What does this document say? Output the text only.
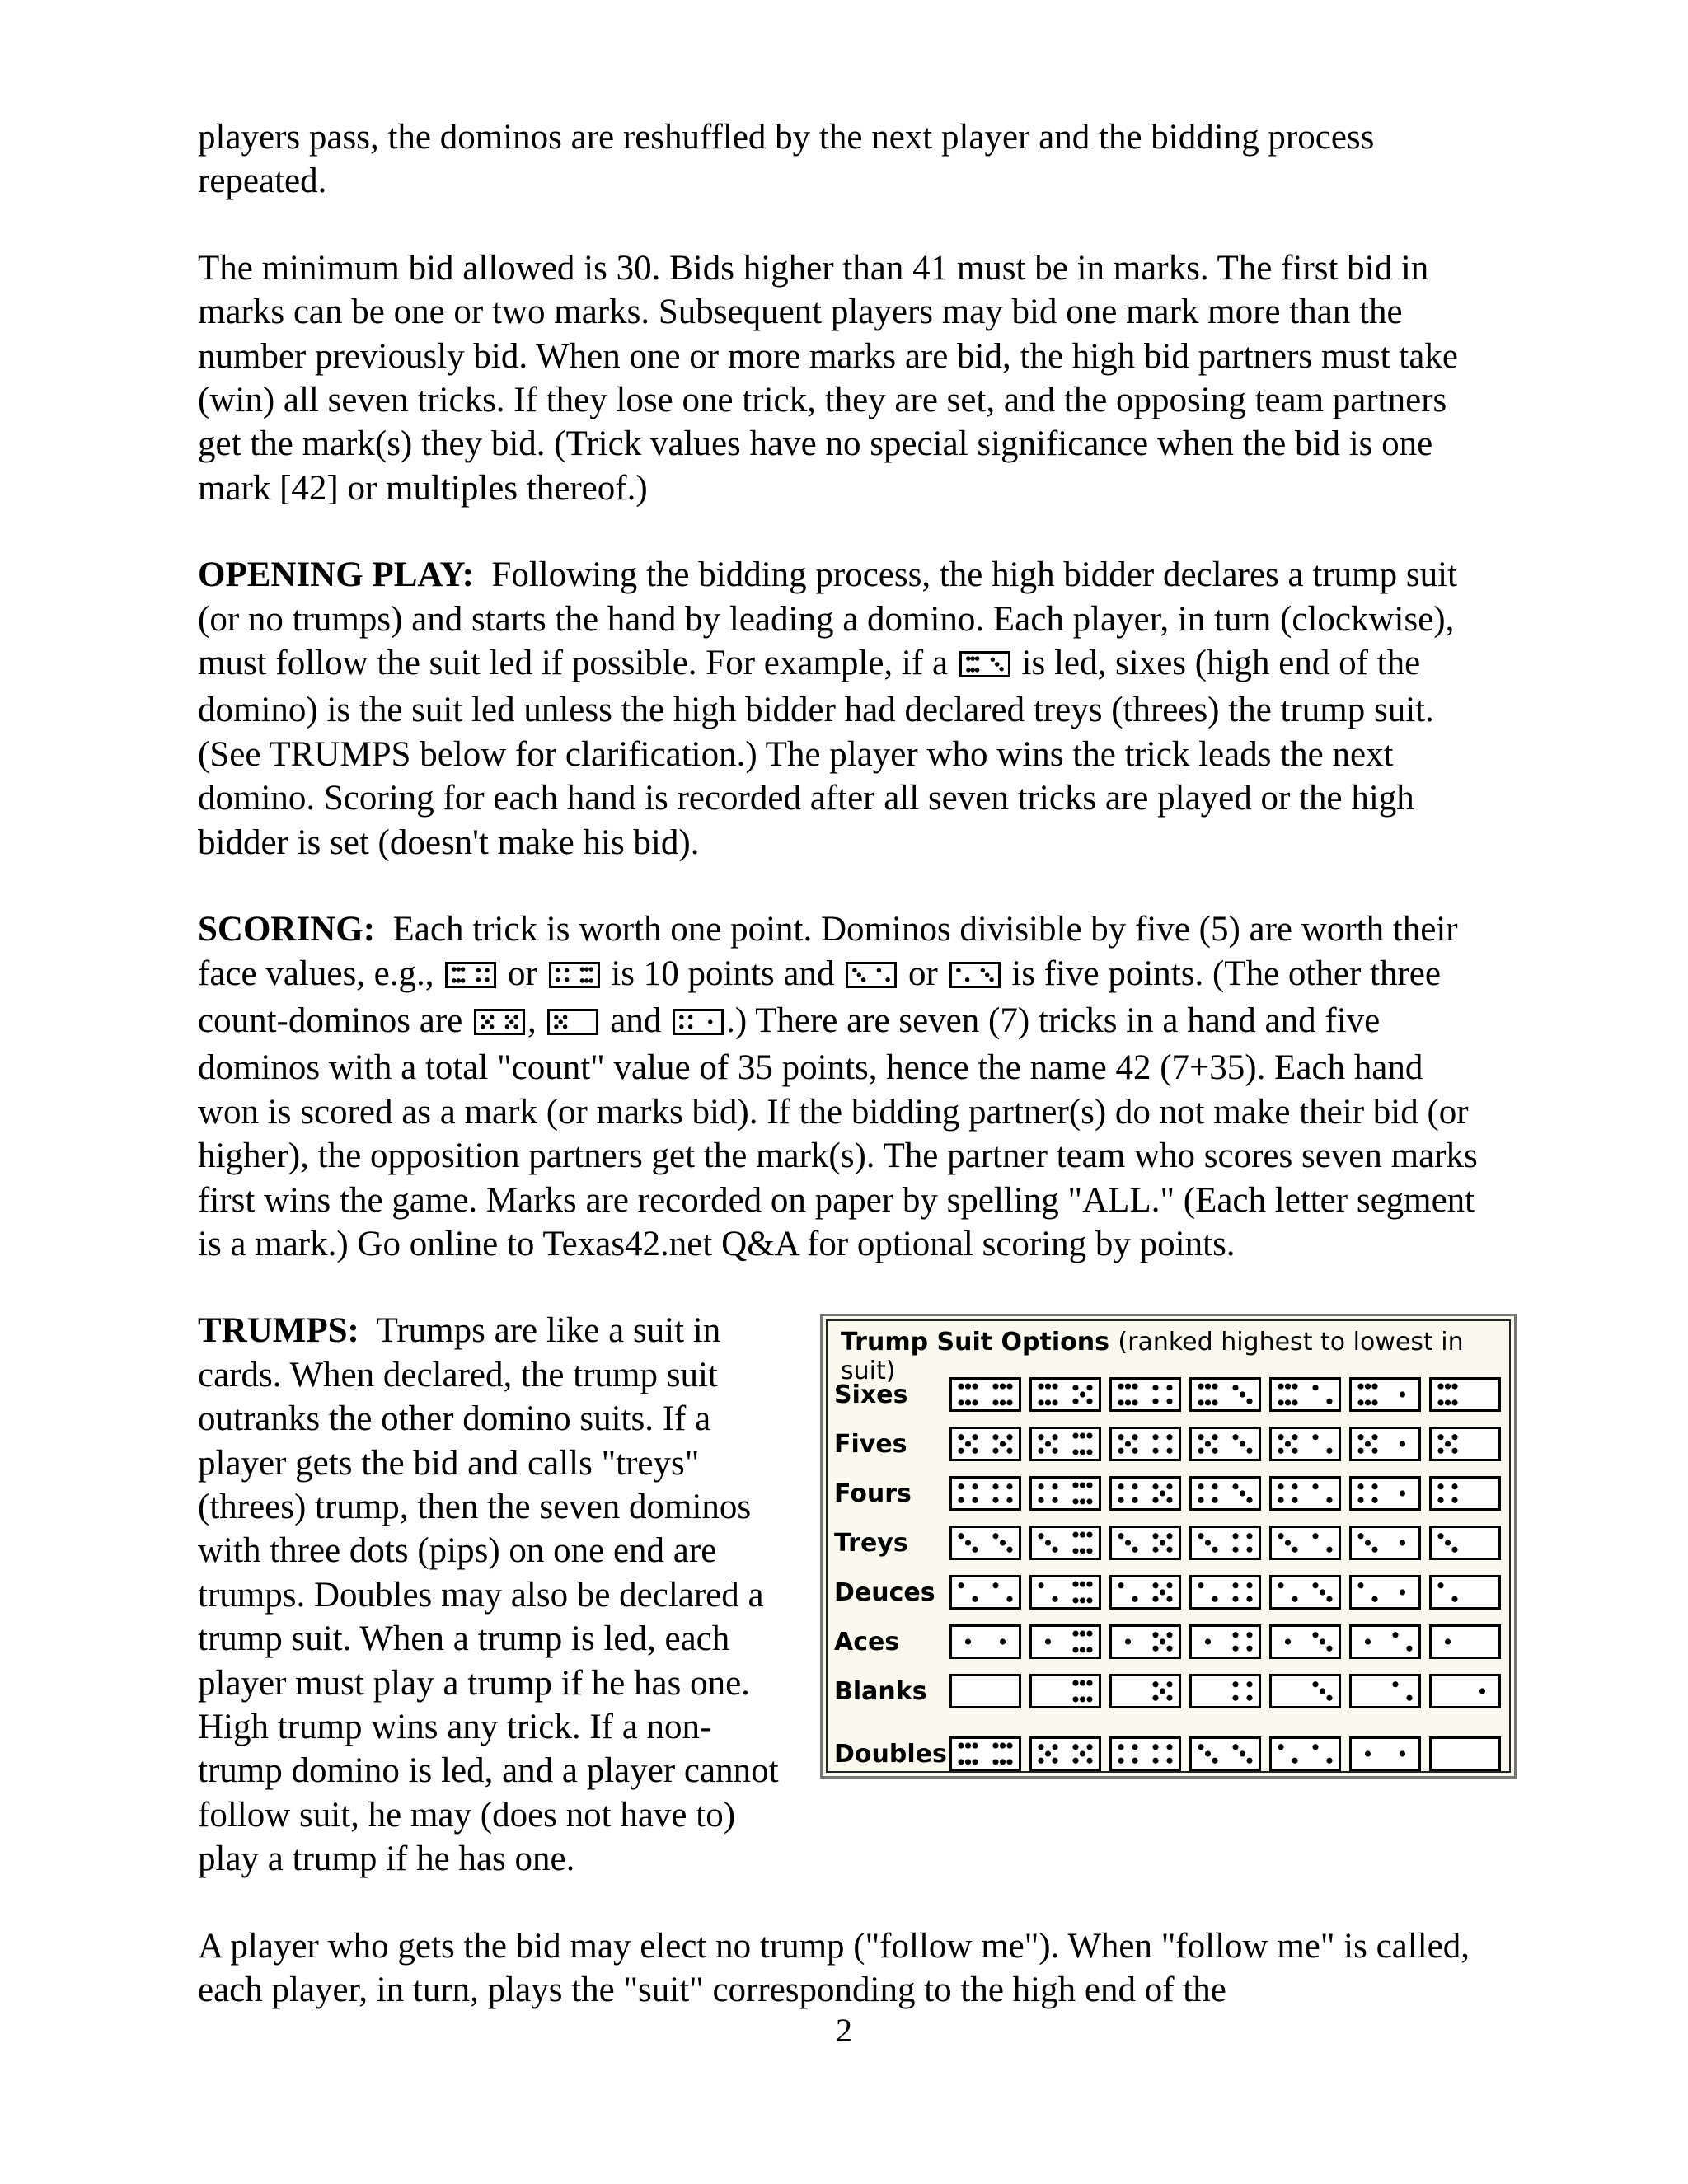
players pass, the dominos are reshuffled by the next player and the bidding process repeated.

The minimum bid allowed is 30. Bids higher than 41 must be in marks. The first bid in marks can be one or two marks. Subsequent players may bid one mark more than the number previously bid. When one or more marks are bid, the high bid partners must take (win) all seven tricks. If they lose one trick, they are set, and the opposing team partners get the mark(s) they bid. (Trick values have no special significance when the bid is one mark [42] or multiples thereof.)

OPENING PLAY: Following the bidding process, the high bidder declares a trump suit (or no trumps) and starts the hand by leading a domino. Each player, in turn (clockwise), must follow the suit led if possible. For example, if a is led, sixes (high end of the domino) is the suit led unless the high bidder had declared treys (threes) the trump suit. (See TRUMPS below for clarification.) The player who wins the trick leads the next domino. Scoring for each hand is recorded after all seven tricks are played or the high bidder is set (doesn't make his bid).

SCORING: Each trick is worth one point. Dominos divisible by five (5) are worth their face values, e.g., or is 10 points and or is five points. (The other three count-dominos are , and .) There are seven (7) tricks in a hand and five dominos with a total "count" value of 35 points, hence the name 42 (7+35). Each hand won is scored as a mark (or marks bid). If the bidding partner(s) do not make their bid (or higher), the opposition partners get the mark(s). The partner team who scores seven marks first wins the game. Marks are recorded on paper by spelling "ALL." (Each letter segment is a mark.) Go online to Texas42.net Q&A for optional scoring by points.

TRUMPS: Trumps are like a suit in cards. When declared, the trump suit outranks the other domino suits. If a player gets the bid and calls "treys" (threes) trump, then the seven dominos with three dots (pips) on one end are trumps. Doubles may also be declared a trump suit. When a trump is led, each player must play a trump if he has one. High trump wins any trick. If a non-trump domino is led, and a player cannot follow suit, he may (does not have to) play a trump if he has one.

Trump Suit Options (ranked highest to lowest in suit)
Sixes
Fives
Fours
Treys
Deuces
Aces
Blanks
Doubles

A player who gets the bid may elect no trump ("follow me"). When "follow me" is called, each player, in turn, plays the "suit" corresponding to the high end of the

2
